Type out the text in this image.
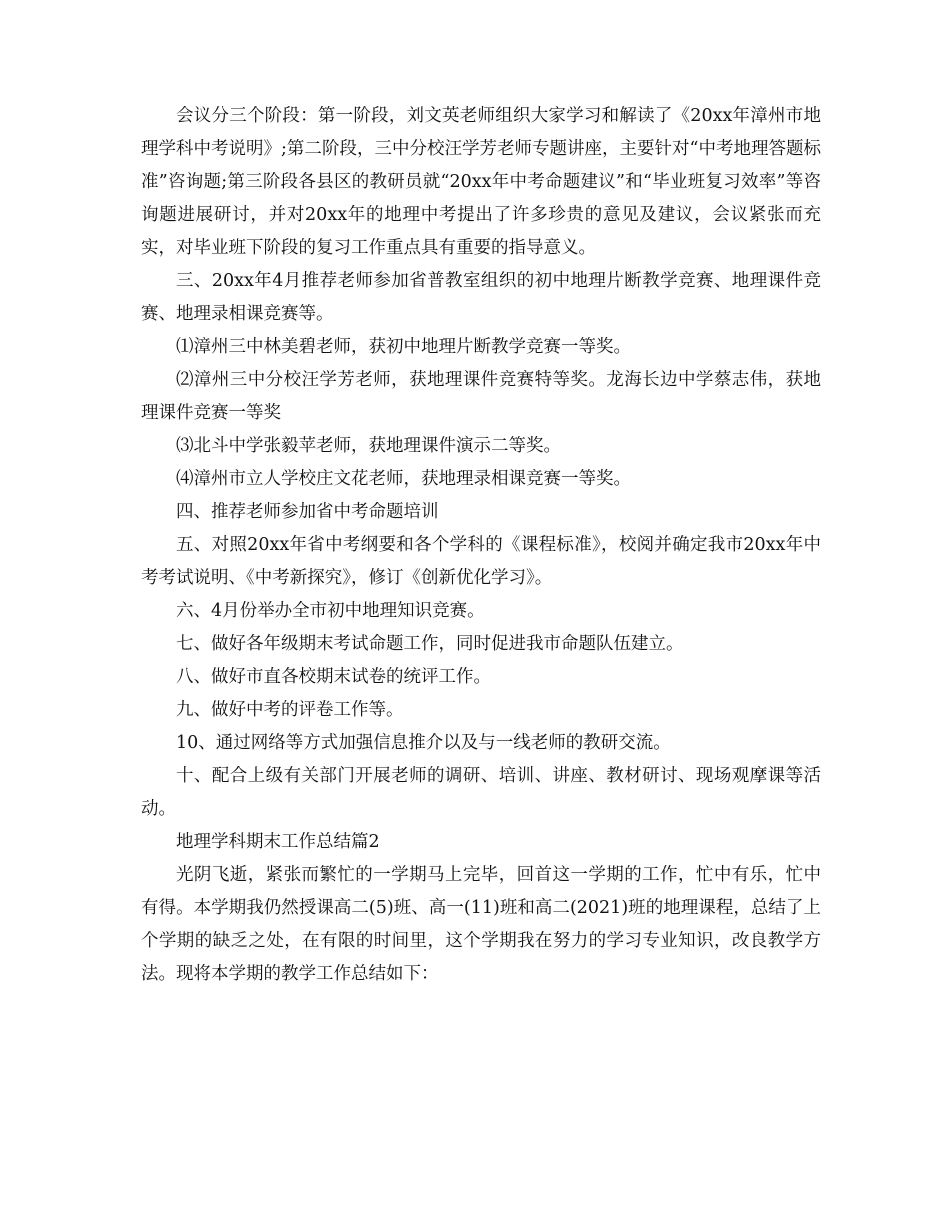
会议分三个阶段：第一阶段，刘文英老师组织大家学习和解读了《20xx年漳州市地理学科中考说明》;第二阶段，三中分校汪学芳老师专题讲座，主要针对“中考地理答题标准”咨询题;第三阶段各县区的教研员就“20xx年中考命题建议”和“毕业班复习效率”等咨询题进展研讨，并对20xx年的地理中考提出了许多珍贵的意见及建议，会议紧张而充实，对毕业班下阶段的复习工作重点具有重要的指导意义。

三、20xx年4月推荐老师参加省普教室组织的初中地理片断教学竞赛、地理课件竞赛、地理录相课竞赛等。

⑴漳州三中林美碧老师，获初中地理片断教学竞赛一等奖。

⑵漳州三中分校汪学芳老师，获地理课件竞赛特等奖。龙海长边中学蔡志伟，获地理课件竞赛一等奖

⑶北斗中学张毅苹老师，获地理课件演示二等奖。

⑷漳州市立人学校庄文花老师，获地理录相课竞赛一等奖。

四、推荐老师参加省中考命题培训

五、对照20xx年省中考纲要和各个学科的《课程标准》，校阅并确定我市20xx年中考考试说明、《中考新探究》，修订《创新优化学习》。

六、4月份举办全市初中地理知识竞赛。

七、做好各年级期末考试命题工作，同时促进我市命题队伍建立。

八、做好市直各校期末试卷的统评工作。

九、做好中考的评卷工作等。

10、通过网络等方式加强信息推介以及与一线老师的教研交流。

十、配合上级有关部门开展老师的调研、培训、讲座、教材研讨、现场观摩课等活动。

地理学科期末工作总结篇2

光阴飞逝，紧张而繁忙的一学期马上完毕，回首这一学期的工作，忙中有乐，忙中有得。本学期我仍然授课高二(5)班、高一(11)班和高二(2021)班的地理课程，总结了上个学期的缺乏之处，在有限的时间里，这个学期我在努力的学习专业知识，改良教学方法。现将本学期的教学工作总结如下：
